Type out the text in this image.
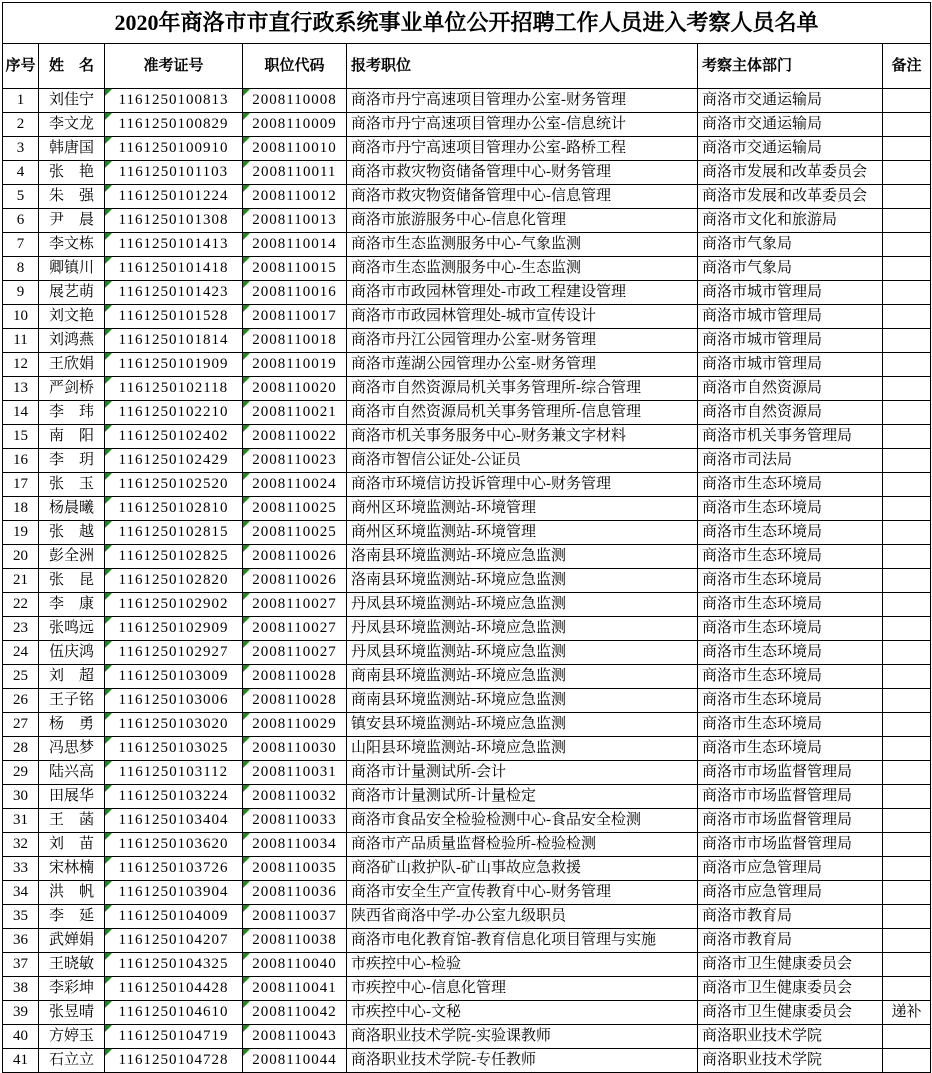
2020年商洛市市直行政系统事业单位公开招聘工作人员进入考察人员名单						
序号	姓　名	准考证号	职位代码	报考职位	考察主体部门	备注
1	刘佳宁	1161250100813	2008110008	商洛市丹宁高速项目管理办公室-财务管理	商洛市交通运输局	
2	李文龙	1161250100829	2008110009	商洛市丹宁高速项目管理办公室-信息统计	商洛市交通运输局	
3	韩唐国	1161250100910	2008110010	商洛市丹宁高速项目管理办公室-路桥工程	商洛市交通运输局	
4	张　艳	1161250101103	2008110011	商洛市救灾物资储备管理中心-财务管理	商洛市发展和改革委员会	
5	朱　强	1161250101224	2008110012	商洛市救灾物资储备管理中心-信息管理	商洛市发展和改革委员会	
6	尹　晨	1161250101308	2008110013	商洛市旅游服务中心-信息化管理	商洛市文化和旅游局	
7	李文栋	1161250101413	2008110014	商洛市生态监测服务中心-气象监测	商洛市气象局	
8	卿镇川	1161250101418	2008110015	商洛市生态监测服务中心-生态监测	商洛市气象局	
9	展艺萌	1161250101423	2008110016	商洛市市政园林管理处-市政工程建设管理	商洛市城市管理局	
10	刘文艳	1161250101528	2008110017	商洛市市政园林管理处-城市宣传设计	商洛市城市管理局	
11	刘鸿燕	1161250101814	2008110018	商洛市丹江公园管理办公室-财务管理	商洛市城市管理局	
12	王欣娟	1161250101909	2008110019	商洛市莲湖公园管理办公室-财务管理	商洛市城市管理局	
13	严剑桥	1161250102118	2008110020	商洛市自然资源局机关事务管理所-综合管理	商洛市自然资源局	
14	李　玮	1161250102210	2008110021	商洛市自然资源局机关事务管理所-信息管理	商洛市自然资源局	
15	南　阳	1161250102402	2008110022	商洛市机关事务服务中心-财务兼文字材料	商洛市机关事务管理局	
16	李　玥	1161250102429	2008110023	商洛市智信公证处-公证员	商洛市司法局	
17	张　玉	1161250102520	2008110024	商洛市环境信访投诉管理中心-财务管理	商洛市生态环境局	
18	杨晨曦	1161250102810	2008110025	商州区环境监测站-环境管理	商洛市生态环境局	
19	张　越	1161250102815	2008110025	商州区环境监测站-环境管理	商洛市生态环境局	
20	彭全洲	1161250102825	2008110026	洛南县环境监测站-环境应急监测	商洛市生态环境局	
21	张　昆	1161250102820	2008110026	洛南县环境监测站-环境应急监测	商洛市生态环境局	
22	李　康	1161250102902	2008110027	丹凤县环境监测站-环境应急监测	商洛市生态环境局	
23	张鸣远	1161250102909	2008110027	丹凤县环境监测站-环境应急监测	商洛市生态环境局	
24	伍庆鸿	1161250102927	2008110027	丹凤县环境监测站-环境应急监测	商洛市生态环境局	
25	刘　超	1161250103009	2008110028	商南县环境监测站-环境应急监测	商洛市生态环境局	
26	王子铭	1161250103006	2008110028	商南县环境监测站-环境应急监测	商洛市生态环境局	
27	杨　勇	1161250103020	2008110029	镇安县环境监测站-环境应急监测	商洛市生态环境局	
28	冯思梦	1161250103025	2008110030	山阳县环境监测站-环境应急监测	商洛市生态环境局	
29	陆兴高	1161250103112	2008110031	商洛市计量测试所-会计	商洛市市场监督管理局	
30	田展华	1161250103224	2008110032	商洛市计量测试所-计量检定	商洛市市场监督管理局	
31	王　菡	1161250103404	2008110033	商洛市食品安全检验检测中心-食品安全检测	商洛市市场监督管理局	
32	刘　苗	1161250103620	2008110034	商洛市产品质量监督检验所-检验检测	商洛市市场监督管理局	
33	宋林楠	1161250103726	2008110035	商洛矿山救护队-矿山事故应急救援	商洛市应急管理局	
34	洪　帆	1161250103904	2008110036	商洛市安全生产宣传教育中心-财务管理	商洛市应急管理局	
35	李　延	1161250104009	2008110037	陕西省商洛中学-办公室九级职员	商洛市教育局	
36	武婵娟	1161250104207	2008110038	商洛市电化教育馆-教育信息化项目管理与实施	商洛市教育局	
37	王晓敏	1161250104325	2008110040	市疾控中心-检验	商洛市卫生健康委员会	
38	李彩坤	1161250104428	2008110041	市疾控中心-信息化管理	商洛市卫生健康委员会	
39	张昱晴	1161250104610	2008110042	市疾控中心-文秘	商洛市卫生健康委员会	递补
40	方婷玉	1161250104719	2008110043	商洛职业技术学院-实验课教师	商洛职业技术学院	
41	石立立	1161250104728	2008110044	商洛职业技术学院-专任教师	商洛职业技术学院	
